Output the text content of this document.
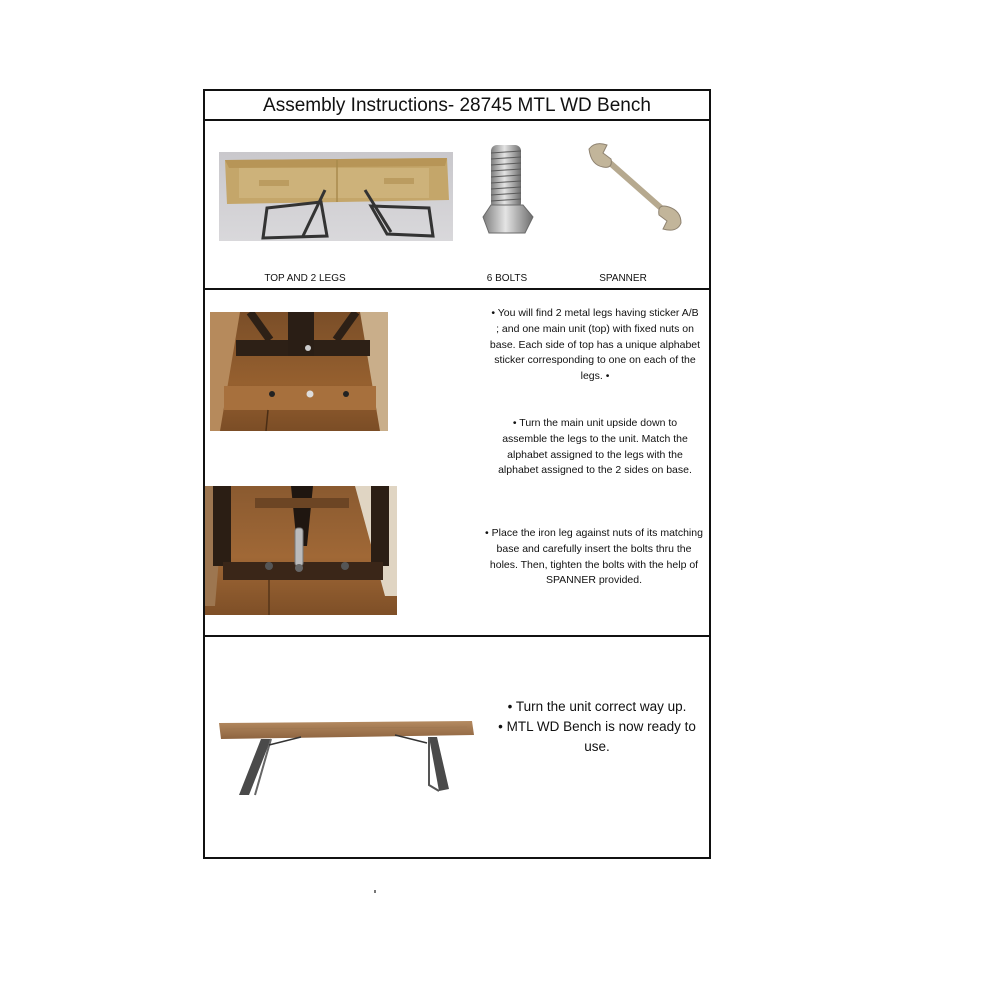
Assembly Instructions- 28745 MTL WD Bench
TOP AND 2 LEGS	6 BOLTS	SPANNER
• You will find 2 metal legs having sticker A/B ; and one main unit (top) with fixed nuts on base. Each side of top has a unique alphabet sticker corresponding to one on each of the legs. •
• Turn the main unit upside down to assemble the legs to the unit. Match the alphabet assigned to the legs with the alphabet assigned to the 2 sides on base.
• Place the iron leg against nuts of its matching base and carefully insert the bolts thru the holes. Then, tighten the bolts with the help of SPANNER provided.
• Turn the unit correct way up.
• MTL WD Bench is now ready to use.
